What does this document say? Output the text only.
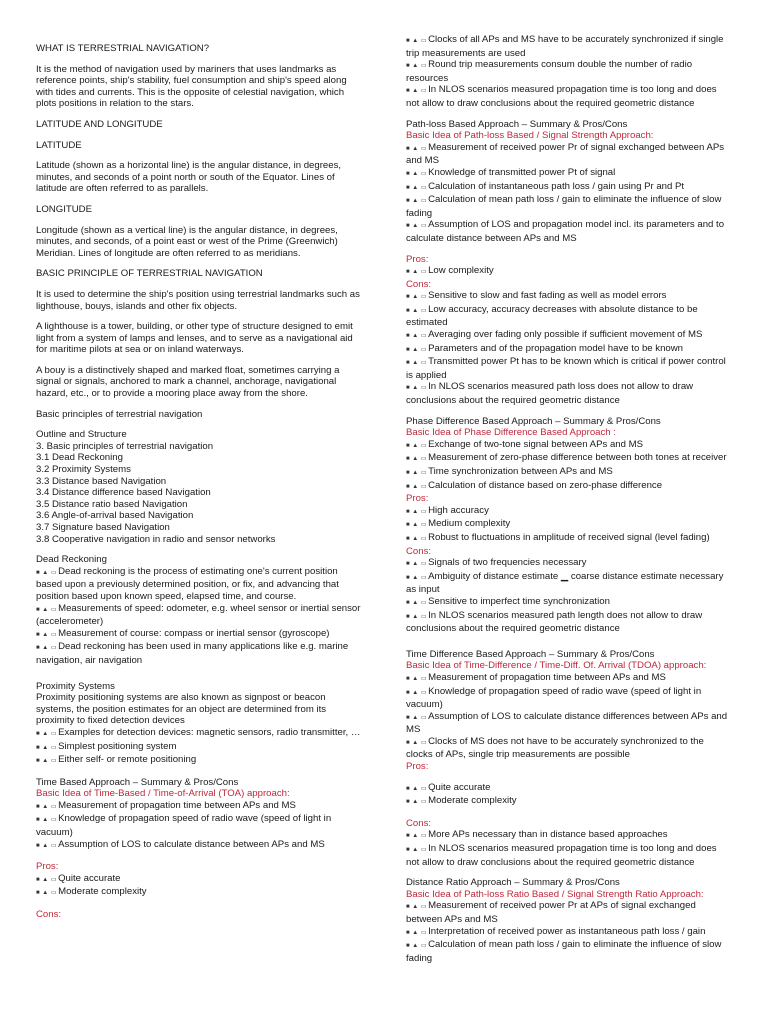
WHAT IS TERRESTRIAL NAVIGATION?
It is the method of navigation used by mariners that uses landmarks as reference points, ship's stability, fuel consumption and ship's speed along with tides and currents. This is the opposite of celestial navigation, which plots positions in relation to the stars.
LATITUDE AND LONGITUDE
LATITUDE
Latitude (shown as a horizontal line) is the angular distance, in degrees, minutes, and seconds of a point north or south of the Equator. Lines of latitude are often referred to as parallels.
LONGITUDE
Longitude (shown as a vertical line) is the angular distance, in degrees, minutes, and seconds, of a point east or west of the Prime (Greenwich) Meridian. Lines of longitude are often referred to as meridians.
BASIC PRINCIPLE OF TERRESTRIAL NAVIGATION
It is used to determine the ship's position using terrestrial landmarks such as lighthouse, bouys, islands and other fix objects.
A lighthouse is a tower, building, or other type of structure designed to emit light from a system of lamps and lenses, and to serve as a navigational aid for maritime pilots at sea or on inland waterways.
A bouy is a distinctively shaped and marked float, sometimes carrying a signal or signals, anchored to mark a channel, anchorage, navigational hazard, etc., or to provide a mooring place away from the shore.
Basic principles of terrestrial navigation
Outline and Structure
3. Basic principles of terrestrial navigation
3.1 Dead Reckoning
3.2 Proximity Systems
3.3 Distance based Navigation
3.4 Distance difference based Navigation
3.5 Distance ratio based Navigation
3.6 Angle-of-arrival based Navigation
3.7 Signature based Navigation
3.8 Cooperative navigation in radio and sensor networks
Dead Reckoning
■ ▲ ▭Dead reckoning is the process of estimating one's current position based upon a previously determined position, or fix, and advancing that position based upon known speed, elapsed time, and course.
■ ▲ ▭Measurements of speed: odometer, e.g. wheel sensor or inertial sensor (accelerometer)
■ ▲ ▭Measurement of course: compass or inertial sensor (gyroscope)
■ ▲ ▭Dead reckoning has been used in many applications like e.g. marine navigation, air navigation
Proximity Systems
Proximity positioning systems are also known as signpost or beacon systems, the position estimates for an object are determined from its proximity to fixed detection devices
■ ▲ ▭Examples for detection devices: magnetic sensors, radio transmitter, …
■ ▲ ▭Simplest positioning system
■ ▲ ▭Either self- or remote positioning
Time Based Approach – Summary & Pros/Cons
Basic Idea of Time-Based / Time-of-Arrival (TOA) approach:
■ ▲ ▭Measurement of propagation time between APs and MS
■ ▲ ▭Knowledge of propagation speed of radio wave (speed of light in vacuum)
■ ▲ ▭Assumption of LOS to calculate distance between APs and MS
Pros:
■ ▲ ▭Quite accurate
■ ▲ ▭Moderate complexity
Cons:
■ ▲ ▭Clocks of all APs and MS have to be accurately synchronized if single trip measurements are used
■ ▲ ▭Round trip measurements consum double the number of radio resources
■ ▲ ▭In NLOS scenarios measured propagation time is too long and does not allow to draw conclusions about the required geometric distance
Path-loss Based Approach – Summary & Pros/Cons
Basic Idea of Path-loss Based / Signal Strength Approach:
■ ▲ ▭Measurement of received power Pr of signal exchanged between APs and MS
■ ▲ ▭Knowledge of transmitted power Pt of signal
■ ▲ ▭Calculation of instantaneous path loss / gain using Pr and Pt
■ ▲ ▭Calculation of mean path loss / gain to eliminate the influence of slow fading
■ ▲ ▭Assumption of LOS and propagation model incl. its parameters and to calculate distance between APs and MS
Pros:
■ ▲ ▭Low complexity
Cons:
■ ▲ ▭Sensitive to slow and fast fading as well as model errors
■ ▲ ▭Low accuracy, accuracy decreases with absolute distance to be estimated
■ ▲ ▭Averaging over fading only possible if sufficient movement of MS
■ ▲ ▭Parameters and of the propagation model have to be known
■ ▲ ▭Transmitted power Pt has to be known which is critical if power control is applied
■ ▲ ▭In NLOS scenarios measured path loss does not allow to draw conclusions about the required geometric distance
Phase Difference Based Approach – Summary & Pros/Cons
Basic Idea of Phase Difference Based Approach :
■ ▲ ▭Exchange of two-tone signal between APs and MS
■ ▲ ▭Measurement of zero-phase difference between both tones at receiver
■ ▲ ▭Time synchronization between APs and MS
■ ▲ ▭Calculation of distance based on zero-phase difference
Pros:
■ ▲ ▭High accuracy
■ ▲ ▭Medium complexity
■ ▲ ▭Robust to fluctuations in amplitude of received signal (level fading)
Cons:
■ ▲ ▭Signals of two frequencies necessary
■ ▲ ▭Ambiguity of distance estimate ▁ coarse distance estimate necessary as input
■ ▲ ▭Sensitive to imperfect time synchronization
■ ▲ ▭In NLOS scenarios measured path length does not allow to draw conclusions about the required geometric distance
Time Difference Based Approach – Summary & Pros/Cons
Basic Idea of Time-Difference / Time-Diff. Of. Arrival (TDOA) approach:
■ ▲ ▭Measurement of propagation time between APs and MS
■ ▲ ▭Knowledge of propagation speed of radio wave (speed of light in vacuum)
■ ▲ ▭Assumption of LOS to calculate distance differences between APs and MS
■ ▲ ▭Clocks of MS does not have to be accurately synchronized to the clocks of APs, single trip measurements are possible
Pros:
■ ▲ ▭Quite accurate
■ ▲ ▭Moderate complexity
Cons:
■ ▲ ▭More APs necessary than in distance based approaches
■ ▲ ▭In NLOS scenarios measured propagation time is too long and does not allow to draw conclusions about the required geometric distance
Distance Ratio Approach – Summary & Pros/Cons
Basic Idea of Path-loss Ratio Based / Signal Strength Ratio Approach:
■ ▲ ▭Measurement of received power Pr at APs of signal exchanged between APs and MS
■ ▲ ▭Interpretation of received power as instantaneous path loss / gain
■ ▲ ▭Calculation of mean path loss / gain to eliminate the influence of slow fading
